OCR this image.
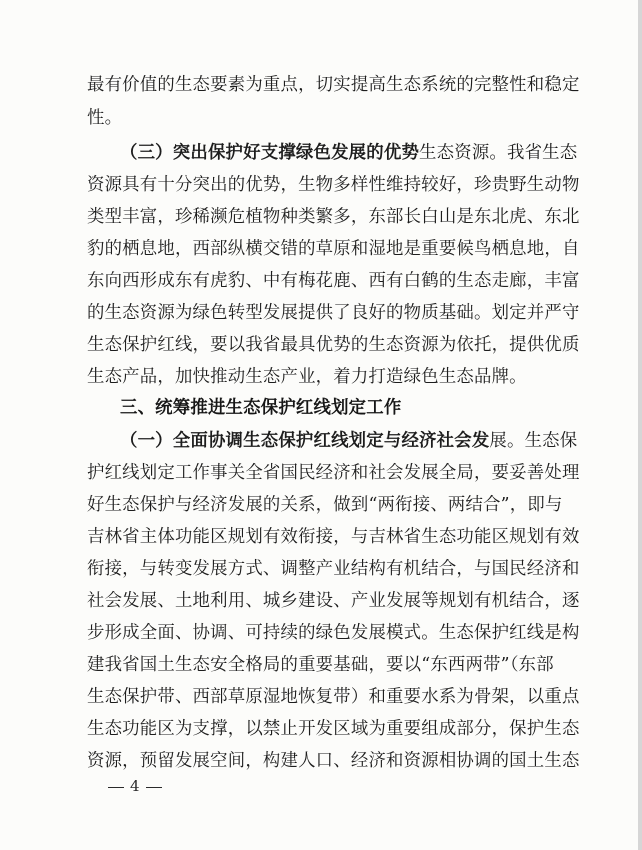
最有价值的生态要素为重点，切实提高生态系统的完整性和稳定
性。
（三）突出保护好支撑绿色发展的优势生态资源。我省生态
资源具有十分突出的优势，生物多样性维持较好，珍贵野生动物
类型丰富，珍稀濒危植物种类繁多，东部长白山是东北虎、东北
豹的栖息地，西部纵横交错的草原和湿地是重要候鸟栖息地，自
东向西形成东有虎豹、中有梅花鹿、西有白鹤的生态走廊，丰富
的生态资源为绿色转型发展提供了良好的物质基础。划定并严守
生态保护红线，要以我省最具优势的生态资源为依托，提供优质
生态产品，加快推动生态产业，着力打造绿色生态品牌。
三、统筹推进生态保护红线划定工作
（一）全面协调生态保护红线划定与经济社会发展。生态保
护红线划定工作事关全省国民经济和社会发展全局，要妥善处理
好生态保护与经济发展的关系，做到“两衔接、两结合”，即与
吉林省主体功能区规划有效衔接，与吉林省生态功能区规划有效
衔接，与转变发展方式、调整产业结构有机结合，与国民经济和
社会发展、土地利用、城乡建设、产业发展等规划有机结合，逐
步形成全面、协调、可持续的绿色发展模式。生态保护红线是构
建我省国土生态安全格局的重要基础，要以“东西两带”（东部
生态保护带、西部草原湿地恢复带）和重要水系为骨架，以重点
生态功能区为支撑，以禁止开发区域为重要组成部分，保护生态
资源，预留发展空间，构建人口、经济和资源相协调的国土生态
4
